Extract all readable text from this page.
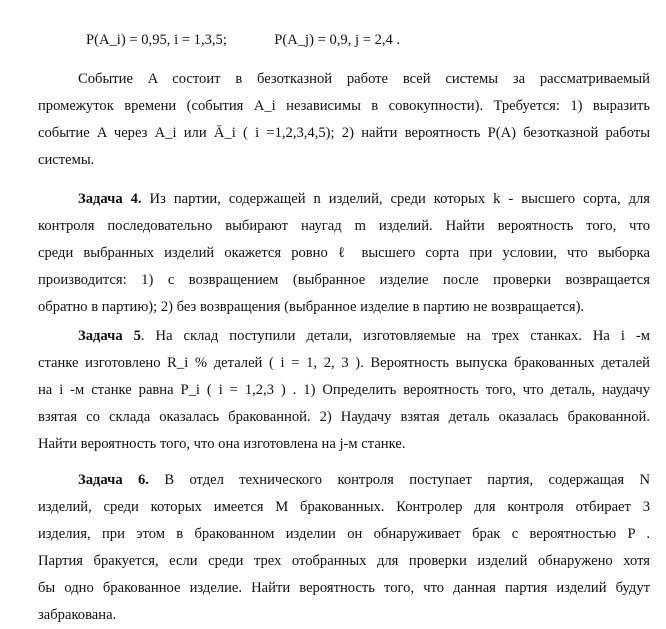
P(A_i) = 0,95, i = 1,3,5;	P(A_j) = 0,9, j = 2,4 .
Событие A состоит в безотказной работе всей системы за рассматриваемый
промежуток времени (события A_i независимы в совокупности). Требуется: 1) выразить
событие A через A_i или Ā_i ( i =1,2,3,4,5); 2) найти вероятность P(A) безотказной работы
системы.
Задача 4. Из партии, содержащей n изделий, среди которых k - высшего сорта, для
контроля последовательно выбирают наугад m изделий. Найти вероятность того, что
среди выбранных изделий окажется ровно ℓ высшего сорта при условии, что выборка
производится: 1) с возвращением (выбранное изделие после проверки возвращается
обратно в партию); 2) без возвращения (выбранное изделие в партию не возвращается).
Задача 5. На склад поступили детали, изготовляемые на трех станках. На i -м
станке изготовлено R_i % деталей ( i = 1, 2, 3 ). Вероятность выпуска бракованных деталей
на i -м станке равна P_i ( i = 1,2,3 ) . 1) Определить вероятность того, что деталь, наудачу
взятая со склада оказалась бракованной. 2) Наудачу взятая деталь оказалась бракованной.
Найти вероятность того, что она изготовлена на j-м станке.
Задача 6. В отдел технического контроля поступает партия, содержащая N
изделий, среди которых имеется M бракованных. Контролер для контроля отбирает 3
изделия, при этом в бракованном изделии он обнаруживает брак с вероятностью P .
Партия бракуется, если среди трех отобранных для проверки изделий обнаружено хотя
бы одно бракованное изделие. Найти вероятность того, что данная партия изделий будут
забракована.
